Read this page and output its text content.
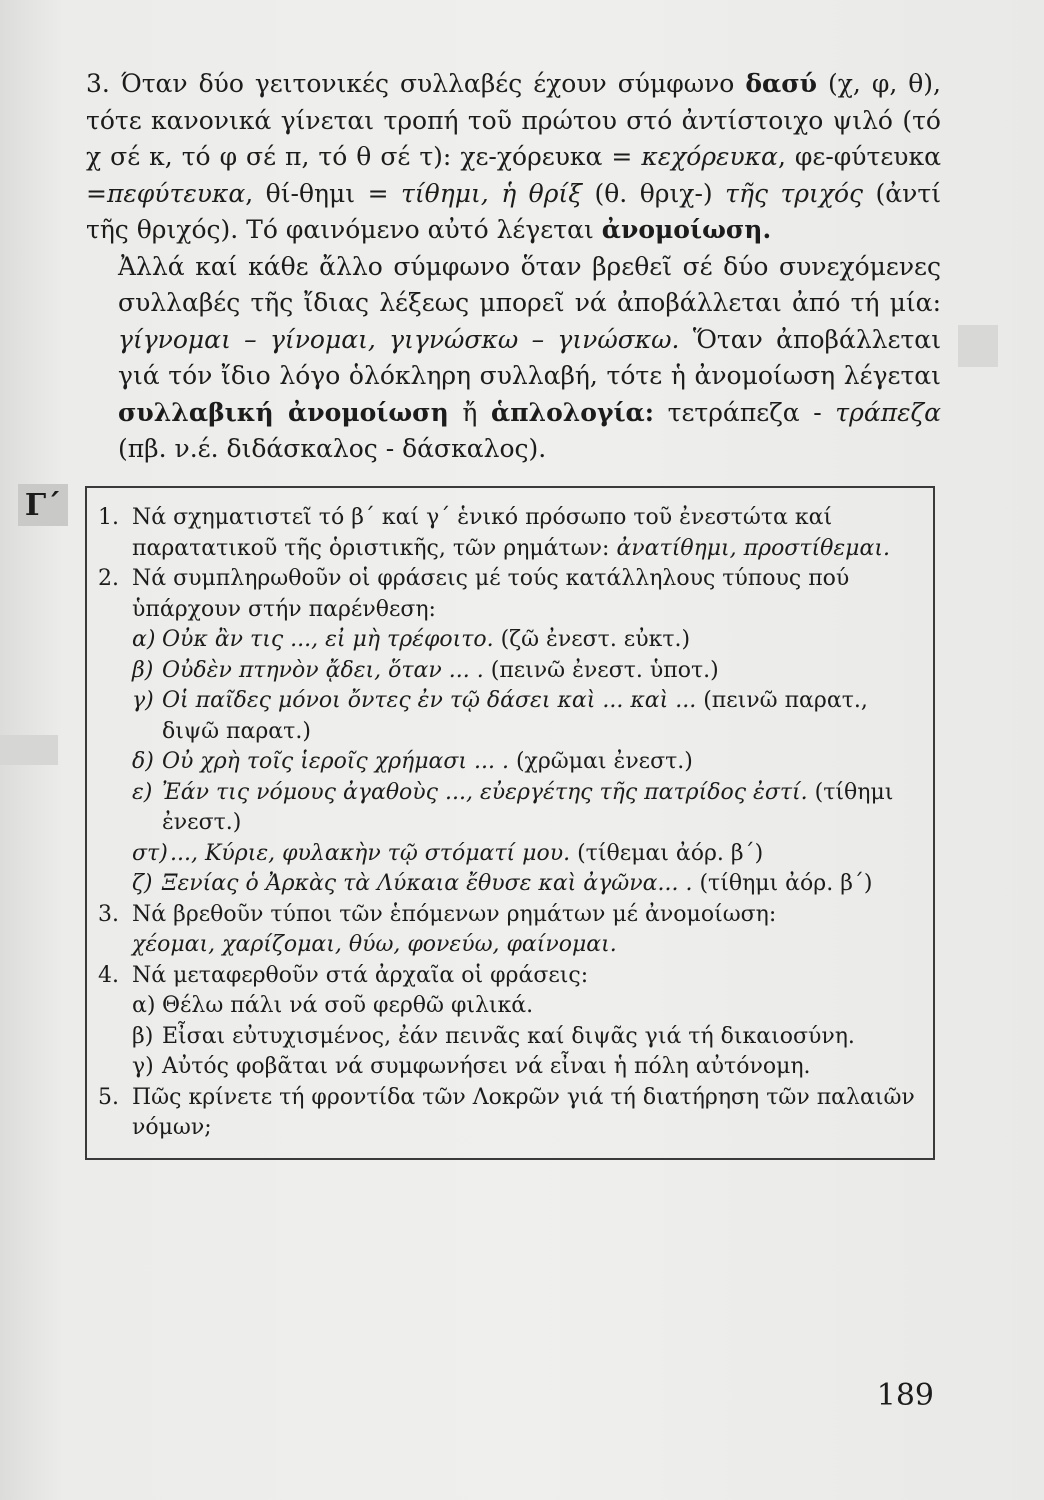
3. Όταν δύο γειτονικές συλλαβές έχουν σύμφωνο δασύ (χ, φ, θ), τότε κανονικά γίνεται τροπή τοῦ πρώτου στό ἀντίστοιχο ψιλό (τό χ σέ κ, τό φ σέ π, τό θ σέ τ): χε-χόρευκα = κεχόρευκα, φε-φύτευκα =πεφύτευκα, θί-θημι = τίθημι, ἡ θρίξ (θ. θριχ-) τῆς τριχός (ἀντί τῆς θριχός). Τό φαινόμενο αὐτό λέγεται ἀνομοίωση.

Ἀλλά καί κάθε ἄλλο σύμφωνο ὅταν βρεθεῖ σέ δύο συνεχόμενες συλλαβές τῆς ἴδιας λέξεως μπορεῖ νά ἀποβάλλεται ἀπό τή μία: γίγνομαι – γίνομαι, γιγνώσκω – γινώσκω. Ὅταν ἀποβάλλεται γιά τόν ἴδιο λόγο ὁλόκληρη συλλαβή, τότε ἡ ἀνομοίωση λέγεται συλλαβική ἀνομοίωση ἤ ἁπλολογία: τετράπεζα - τράπεζα (πβ. ν.έ. διδάσκαλος - δάσκαλος).

Γ΄	1. Νά σχηματιστεῖ τό β΄ καί γ΄ ἑνικό πρόσωπο τοῦ ἐνεστώτα καί παρατατικοῦ τῆς ὁριστικῆς, τῶν ρημάτων: ἀνατίθημι, προστίθεμαι.
2. Νά συμπληρωθοῦν οἱ φράσεις μέ τούς κατάλληλους τύπους πού ὑπάρχουν στήν παρένθεση:
α) Οὐκ ἂν τις ..., εἰ μὴ τρέφοιτο. (ζῶ ἐνεστ. εὐκτ.)
β) Οὐδὲν πτηνὸν ᾄδει, ὅταν ... . (πεινῶ ἐνεστ. ὑποτ.)
γ) Οἱ παῖδες μόνοι ὄντες ἐν τῷ δάσει καὶ ... καὶ ... (πεινῶ παρατ., διψῶ παρατ.)
δ) Οὐ χρὴ τοῖς ἱεροῖς χρήμασι ... . (χρῶμαι ἐνεστ.)
ε) Ἐάν τις νόμους ἀγαθοὺς ..., εὐεργέτης τῆς πατρίδος ἐστί. (τίθημι ἐνεστ.)
στ) ..., Κύριε, φυλακὴν τῷ στόματί μου. (τίθεμαι ἀόρ. β΄)
ζ) Ξενίας ὁ Ἀρκὰς τὰ Λύκαια ἔθυσε καὶ ἀγῶνα... . (τίθημι ἀόρ. β΄)
3. Νά βρεθοῦν τύποι τῶν ἑπόμενων ρημάτων μέ ἀνομοίωση:
χέομαι, χαρίζομαι, θύω, φονεύω, φαίνομαι.
4. Νά μεταφερθοῦν στά ἀρχαῖα οἱ φράσεις:
α) Θέλω πάλι νά σοῦ φερθῶ φιλικά.
β) Εἶσαι εὐτυχισμένος, ἐάν πεινᾶς καί διψᾶς γιά τή δικαιοσύνη.
γ) Αὐτός φοβᾶται νά συμφωνήσει νά εἶναι ἡ πόλη αὐτόνομη.
5. Πῶς κρίνετε τή φροντίδα τῶν Λοκρῶν γιά τή διατήρηση τῶν παλαιῶν νόμων;
189
